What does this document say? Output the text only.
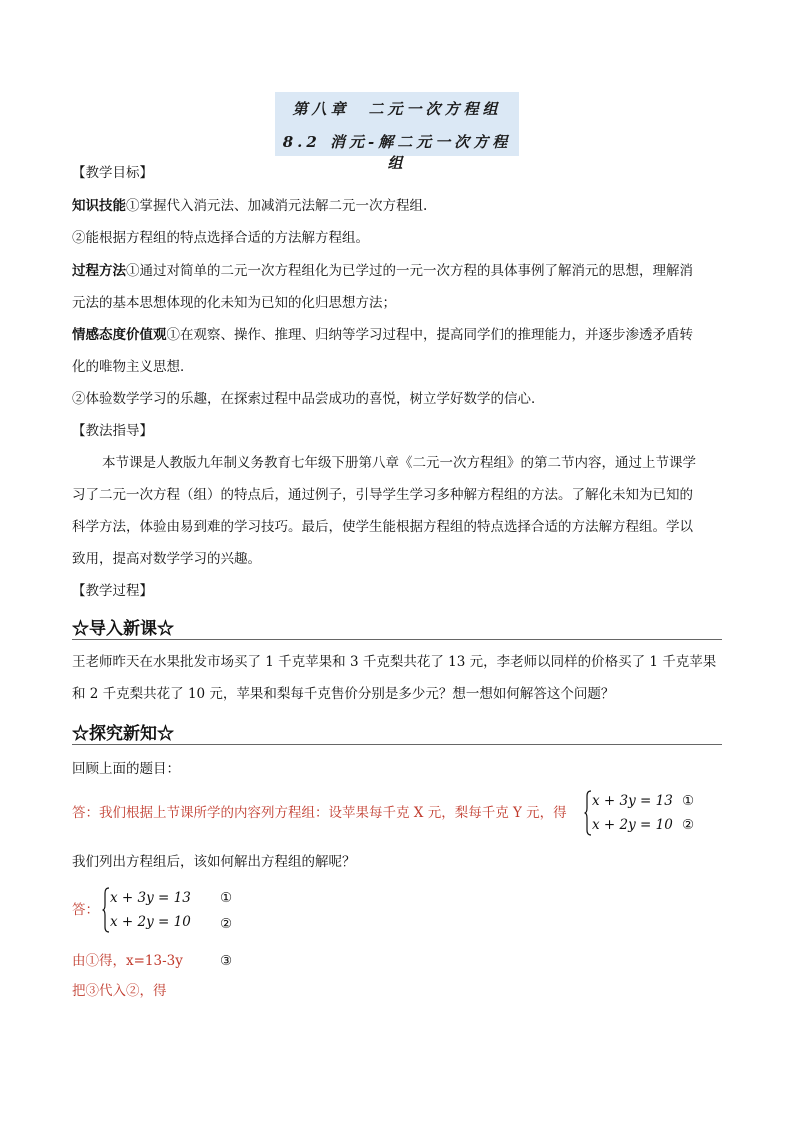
第八章　二元一次方程组
8.2 消元-解二元一次方程组
【教学目标】
知识技能①掌握代入消元法、加减消元法解二元一次方程组.
②能根据方程组的特点选择合适的方法解方程组。
过程方法①通过对简单的二元一次方程组化为已学过的一元一次方程的具体事例了解消元的思想，理解消
元法的基本思想体现的化未知为已知的化归思想方法；
情感态度价值观①在观察、操作、推理、归纳等学习过程中，提高同学们的推理能力，并逐步渗透矛盾转
化的唯物主义思想．
②体验数学学习的乐趣，在探索过程中品尝成功的喜悦，树立学好数学的信心．
【教法指导】
本节课是人教版九年制义务教育七年级下册第八章《二元一次方程组》的第二节内容，通过上节课学
习了二元一次方程（组）的特点后，通过例子，引导学生学习多种解方程组的方法。了解化未知为已知的
科学方法，体验由易到难的学习技巧。最后，使学生能根据方程组的特点选择合适的方法解方程组。学以
致用，提高对数学学习的兴趣。
【教学过程】
☆导入新课☆
王老师昨天在水果批发市场买了 1 千克苹果和 3 千克梨共花了 13 元，李老师以同样的价格买了 1 千克苹果
和 2 千克梨共花了 10 元，苹果和梨每千克售价分别是多少元？想一想如何解答这个问题？
☆探究新知☆
回顾上面的题目：
答：我们根据上节课所学的内容列方程组：设苹果每千克 X 元，梨每千克 Y 元，得
x + 3y = 13
x + 2y = 10
①
②
我们列出方程组后，该如何解出方程组的解呢？
答：
x + 3y = 13
x + 2y = 10
①
②
由①得，x=13-3y	③
把③代入②，得
